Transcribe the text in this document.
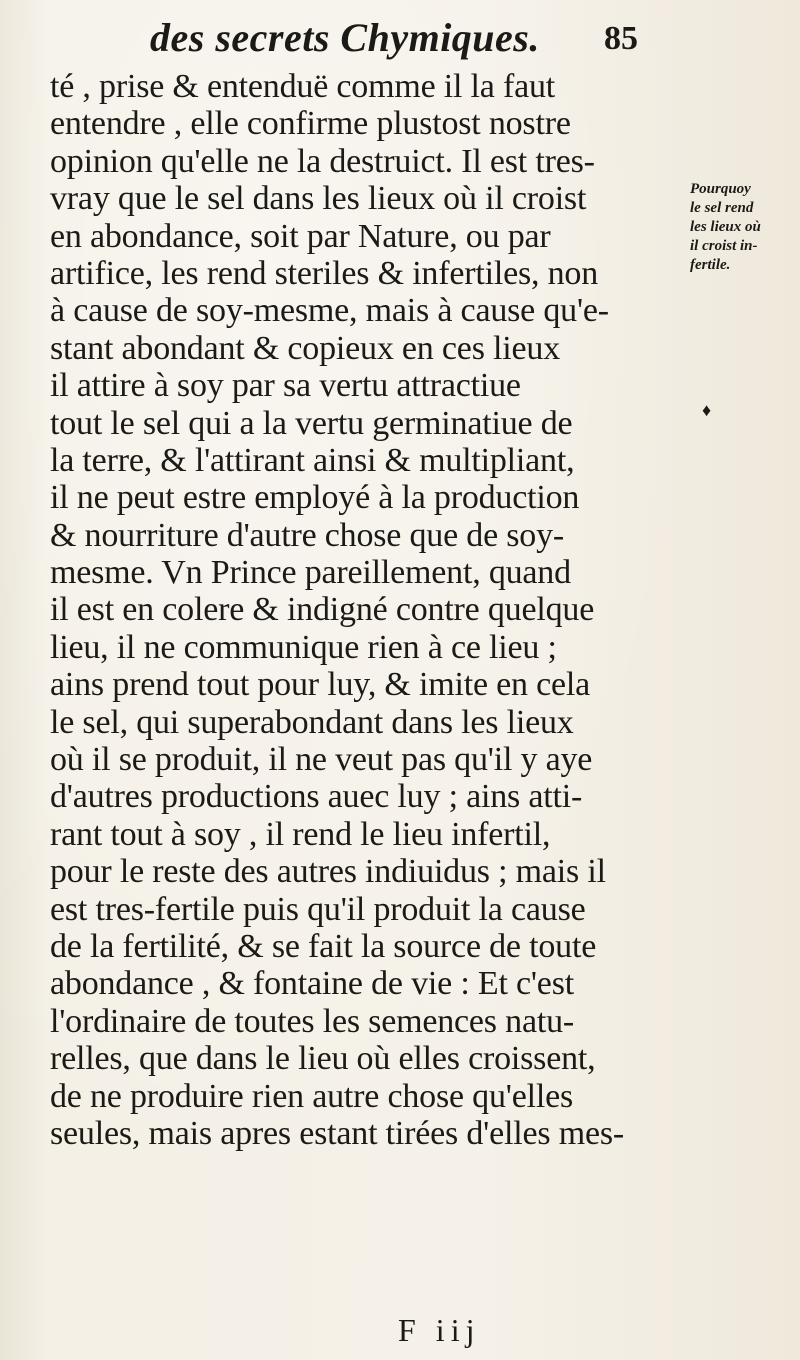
des secrets Chymiques. 85
té , prise & entenduë comme il la faut
entendre , elle confirme plustost nostre
opinion qu'elle ne la destruict. Il est tres-
vray que le sel dans les lieux où il croist
en abondance, soit par Nature, ou par
artifice, les rend steriles & infertiles, non
à cause de soy-mesme, mais à cause qu'e-
stant abondant & copieux en ces lieux
il attire à soy par sa vertu attractiue
tout le sel qui a la vertu germinatiue de
la terre, & l'attirant ainsi & multipliant,
il ne peut estre employé à la production
& nourriture d'autre chose que de soy-
mesme. Vn Prince pareillement, quand
il est en colere & indigné contre quelque
lieu, il ne communique rien à ce lieu ;
ains prend tout pour luy, & imite en cela
le sel, qui superabondant dans les lieux
où il se produit, il ne veut pas qu'il y aye
d'autres productions auec luy ; ains atti-
rant tout à soy , il rend le lieu infertil,
pour le reste des autres indiuidus ; mais il
est tres-fertile puis qu'il produit la cause
de la fertilité, & se fait la source de toute
abondance , & fontaine de vie : Et c'est
l'ordinaire de toutes les semences natu-
relles, que dans le lieu où elles croissent,
de ne produire rien autre chose qu'elles
seules, mais apres estant tirées d'elles mes-
Pourquoy
le sel rend
les lieux où
il croist in-
fertile.
♦
F iij
